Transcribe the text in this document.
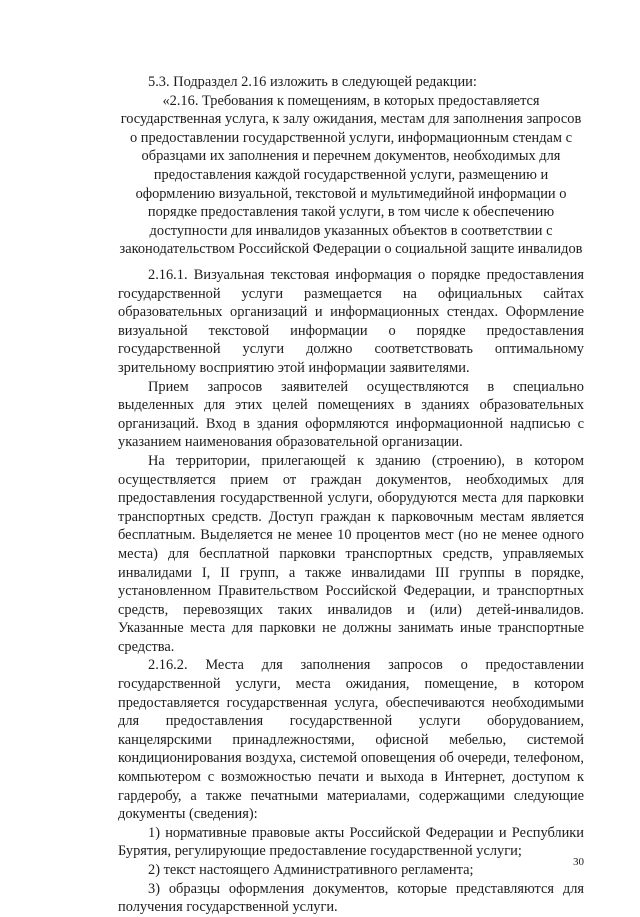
5.3. Подраздел 2.16 изложить в следующей редакции:

«2.16. Требования к помещениям, в которых предоставляется государственная услуга, к залу ожидания, местам для заполнения запросов о предоставлении государственной услуги, информационным стендам с образцами их заполнения и перечнем документов, необходимых для предоставления каждой государственной услуги, размещению и оформлению визуальной, текстовой и мультимедийной информации о порядке предоставления такой услуги, в том числе к обеспечению доступности для инвалидов указанных объектов в соответствии с законодательством Российской Федерации о социальной защите инвалидов

2.16.1. Визуальная текстовая информация о порядке предоставления государственной услуги размещается на официальных сайтах образовательных организаций и информационных стендах. Оформление визуальной текстовой информации о порядке предоставления государственной услуги должно соответствовать оптимальному зрительному восприятию этой информации заявителями.

Прием запросов заявителей осуществляются в специально выделенных для этих целей помещениях в зданиях образовательных организаций. Вход в здания оформляются информационной надписью с указанием наименования образовательной организации.

На территории, прилегающей к зданию (строению), в котором осуществляется прием от граждан документов, необходимых для предоставления государственной услуги, оборудуются места для парковки транспортных средств. Доступ граждан к парковочным местам является бесплатным. Выделяется не менее 10 процентов мест (но не менее одного места) для бесплатной парковки транспортных средств, управляемых инвалидами I, II групп, а также инвалидами III группы в порядке, установленном Правительством Российской Федерации, и транспортных средств, перевозящих таких инвалидов и (или) детей-инвалидов. Указанные места для парковки не должны занимать иные транспортные средства.

2.16.2. Места для заполнения запросов о предоставлении государственной услуги, места ожидания, помещение, в котором предоставляется государственная услуга, обеспечиваются необходимыми для предоставления государственной услуги оборудованием, канцелярскими принадлежностями, офисной мебелью, системой кондиционирования воздуха, системой оповещения об очереди, телефоном, компьютером с возможностью печати и выхода в Интернет, доступом к гардеробу, а также печатными материалами, содержащими следующие документы (сведения):

1) нормативные правовые акты Российской Федерации и Республики Бурятия, регулирующие предоставление государственной услуги;

2) текст настоящего Административного регламента;

3) образцы оформления документов, которые представляются для получения государственной услуги.

30
